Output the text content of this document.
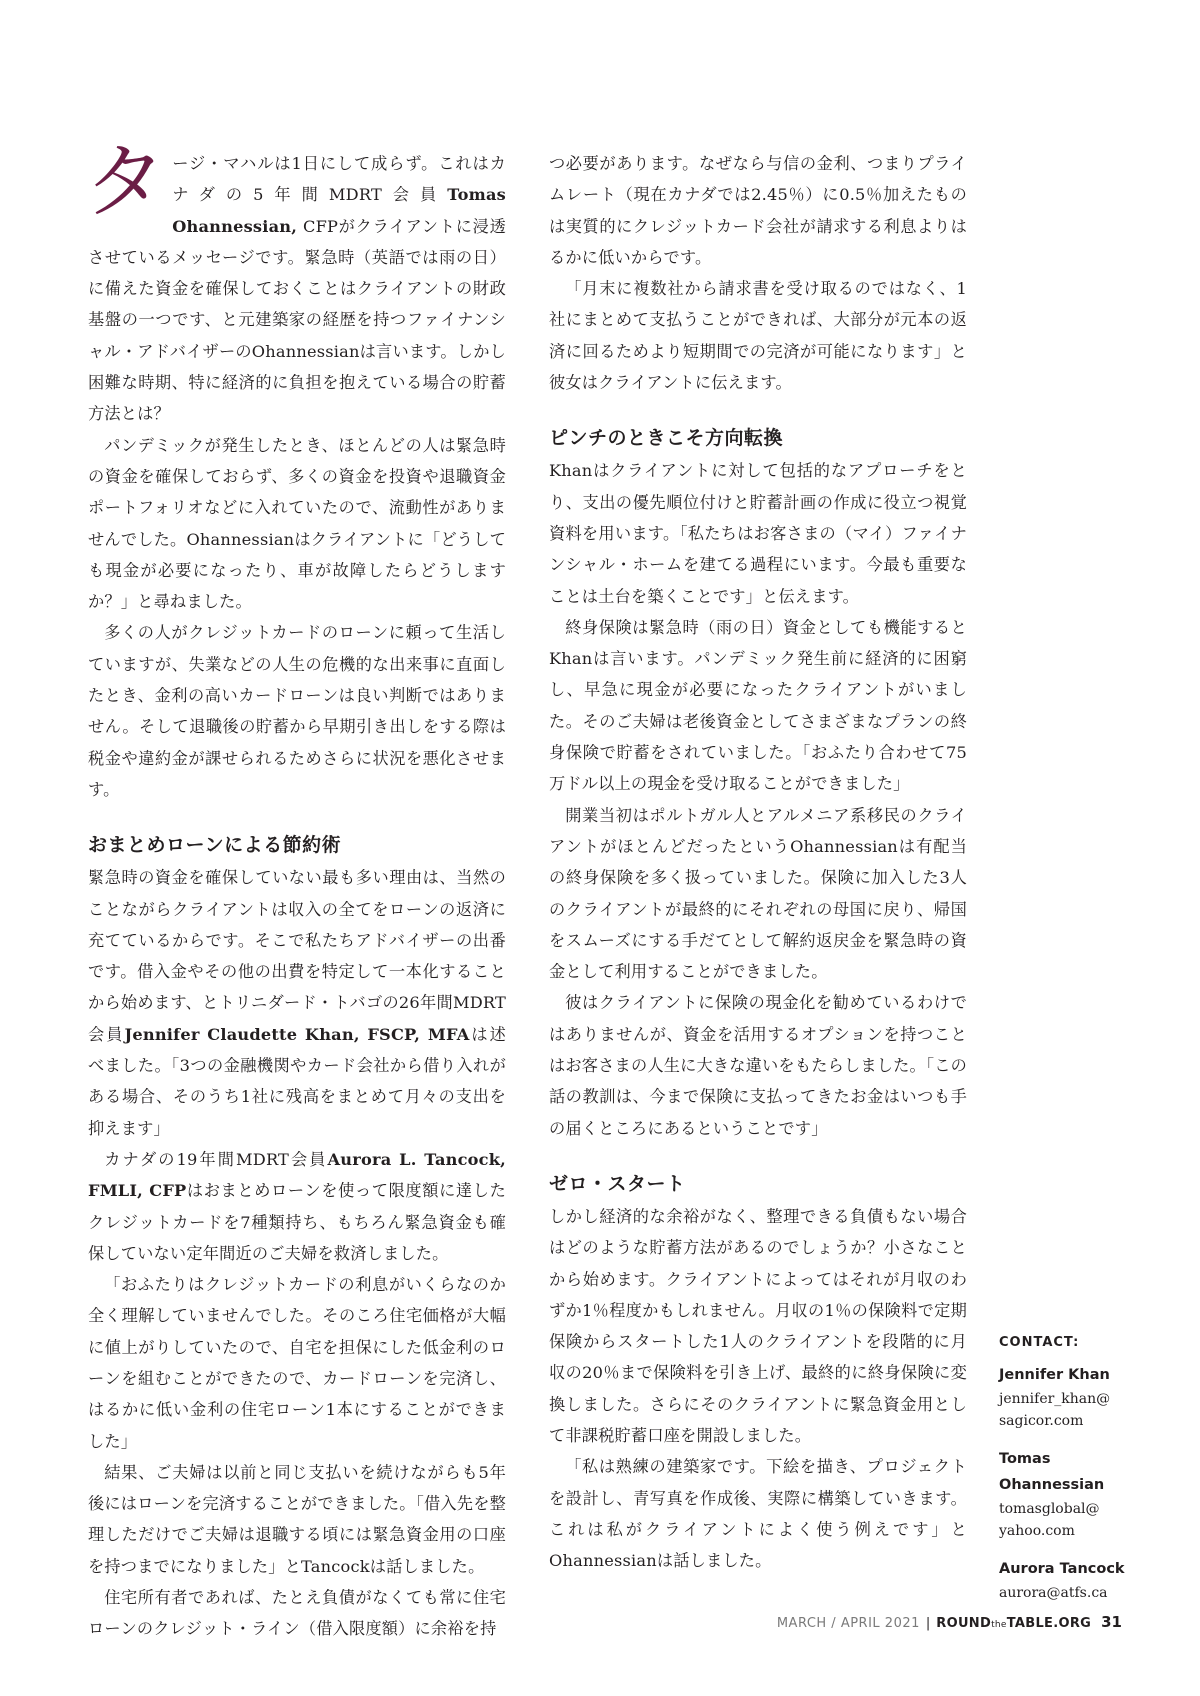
タ ージ・マハルは1日にして成らず。これはカナダの5年間MDRT会員Tomas Ohannessian, CFPがクライアントに浸透させているメッセージです。緊急時（英語では雨の日）に備えた資金を確保しておくことはクライアントの財政基盤の一つです、と元建築家の経歴を持つファイナンシャル・アドバイザーのOhannessianは言います。しかし困難な時期、特に経済的に負担を抱えている場合の貯蓄方法とは？

パンデミックが発生したとき、ほとんどの人は緊急時の資金を確保しておらず、多くの資金を投資や退職資金ポートフォリオなどに入れていたので、流動性がありませんでした。Ohannessianはクライアントに「どうしても現金が必要になったり、車が故障したらどうしますか？」と尋ねました。

多くの人がクレジットカードのローンに頼って生活していますが、失業などの人生の危機的な出来事に直面したとき、金利の高いカードローンは良い判断ではありません。そして退職後の貯蓄から早期引き出しをする際は税金や違約金が課せられるためさらに状況を悪化させます。

おまとめローンによる節約術

緊急時の資金を確保していない最も多い理由は、当然のことながらクライアントは収入の全てをローンの返済に充てているからです。そこで私たちアドバイザーの出番です。借入金やその他の出費を特定して一本化することから始めます、とトリニダード・トバゴの26年間MDRT会員Jennifer Claudette Khan, FSCP, MFAは述べました。「3つの金融機関やカード会社から借り入れがある場合、そのうち1社に残高をまとめて月々の支出を抑えます」

カナダの19年間MDRT会員Aurora L. Tancock, FMLI, CFPはおまとめローンを使って限度額に達したクレジットカードを7種類持ち、もちろん緊急資金も確保していない定年間近のご夫婦を救済しました。

「おふたりはクレジットカードの利息がいくらなのか全く理解していませんでした。そのころ住宅価格が大幅に値上がりしていたので、自宅を担保にした低金利のローンを組むことができたので、カードローンを完済し、はるかに低い金利の住宅ローン1本にすることができました」

結果、ご夫婦は以前と同じ支払いを続けながらも5年後にはローンを完済することができました。「借入先を整理しただけでご夫婦は退職する頃には緊急資金用の口座を持つまでになりました」とTancockは話しました。

住宅所有者であれば、たとえ負債がなくても常に住宅ローンのクレジット・ライン（借入限度額）に余裕を持

つ必要があります。なぜなら与信の金利、つまりプライムレート（現在カナダでは2.45％）に0.5％加えたものは実質的にクレジットカード会社が請求する利息よりはるかに低いからです。

「月末に複数社から請求書を受け取るのではなく、1社にまとめて支払うことができれば、大部分が元本の返済に回るためより短期間での完済が可能になります」と彼女はクライアントに伝えます。

ピンチのときこそ方向転換

Khanはクライアントに対して包括的なアプローチをとり、支出の優先順位付けと貯蓄計画の作成に役立つ視覚資料を用います。「私たちはお客さまの（マイ）ファイナンシャル・ホームを建てる過程にいます。今最も重要なことは土台を築くことです」と伝えます。

終身保険は緊急時（雨の日）資金としても機能するとKhanは言います。パンデミック発生前に経済的に困窮し、早急に現金が必要になったクライアントがいました。そのご夫婦は老後資金としてさまざまなプランの終身保険で貯蓄をされていました。「おふたり合わせて75万ドル以上の現金を受け取ることができました」

開業当初はポルトガル人とアルメニア系移民のクライアントがほとんどだったというOhannessianは有配当の終身保険を多く扱っていました。保険に加入した3人のクライアントが最終的にそれぞれの母国に戻り、帰国をスムーズにする手だてとして解約返戻金を緊急時の資金として利用することができました。

彼はクライアントに保険の現金化を勧めているわけではありませんが、資金を活用するオプションを持つことはお客さまの人生に大きな違いをもたらしました。「この話の教訓は、今まで保険に支払ってきたお金はいつも手の届くところにあるということです」

ゼロ・スタート

しかし経済的な余裕がなく、整理できる負債もない場合はどのような貯蓄方法があるのでしょうか？小さなことから始めます。クライアントによってはそれが月収のわずか1％程度かもしれません。月収の1％の保険料で定期保険からスタートした1人のクライアントを段階的に月収の20％まで保険料を引き上げ、最終的に終身保険に変換しました。さらにそのクライアントに緊急資金用として非課税貯蓄口座を開設しました。

「私は熟練の建築家です。下絵を描き、プロジェクトを設計し、青写真を作成後、実際に構築していきます。これは私がクライアントによく使う例えです」とOhannessianは話しました。

CONTACT:
Jennifer Khan
jennifer_khan@ sagicor.com
Tomas Ohannessian
tomasglobal@ yahoo.com
Aurora Tancock
aurora@atfs.ca
MARCH / APRIL 2021 | ROUNDtheTABLE.ORG 31
